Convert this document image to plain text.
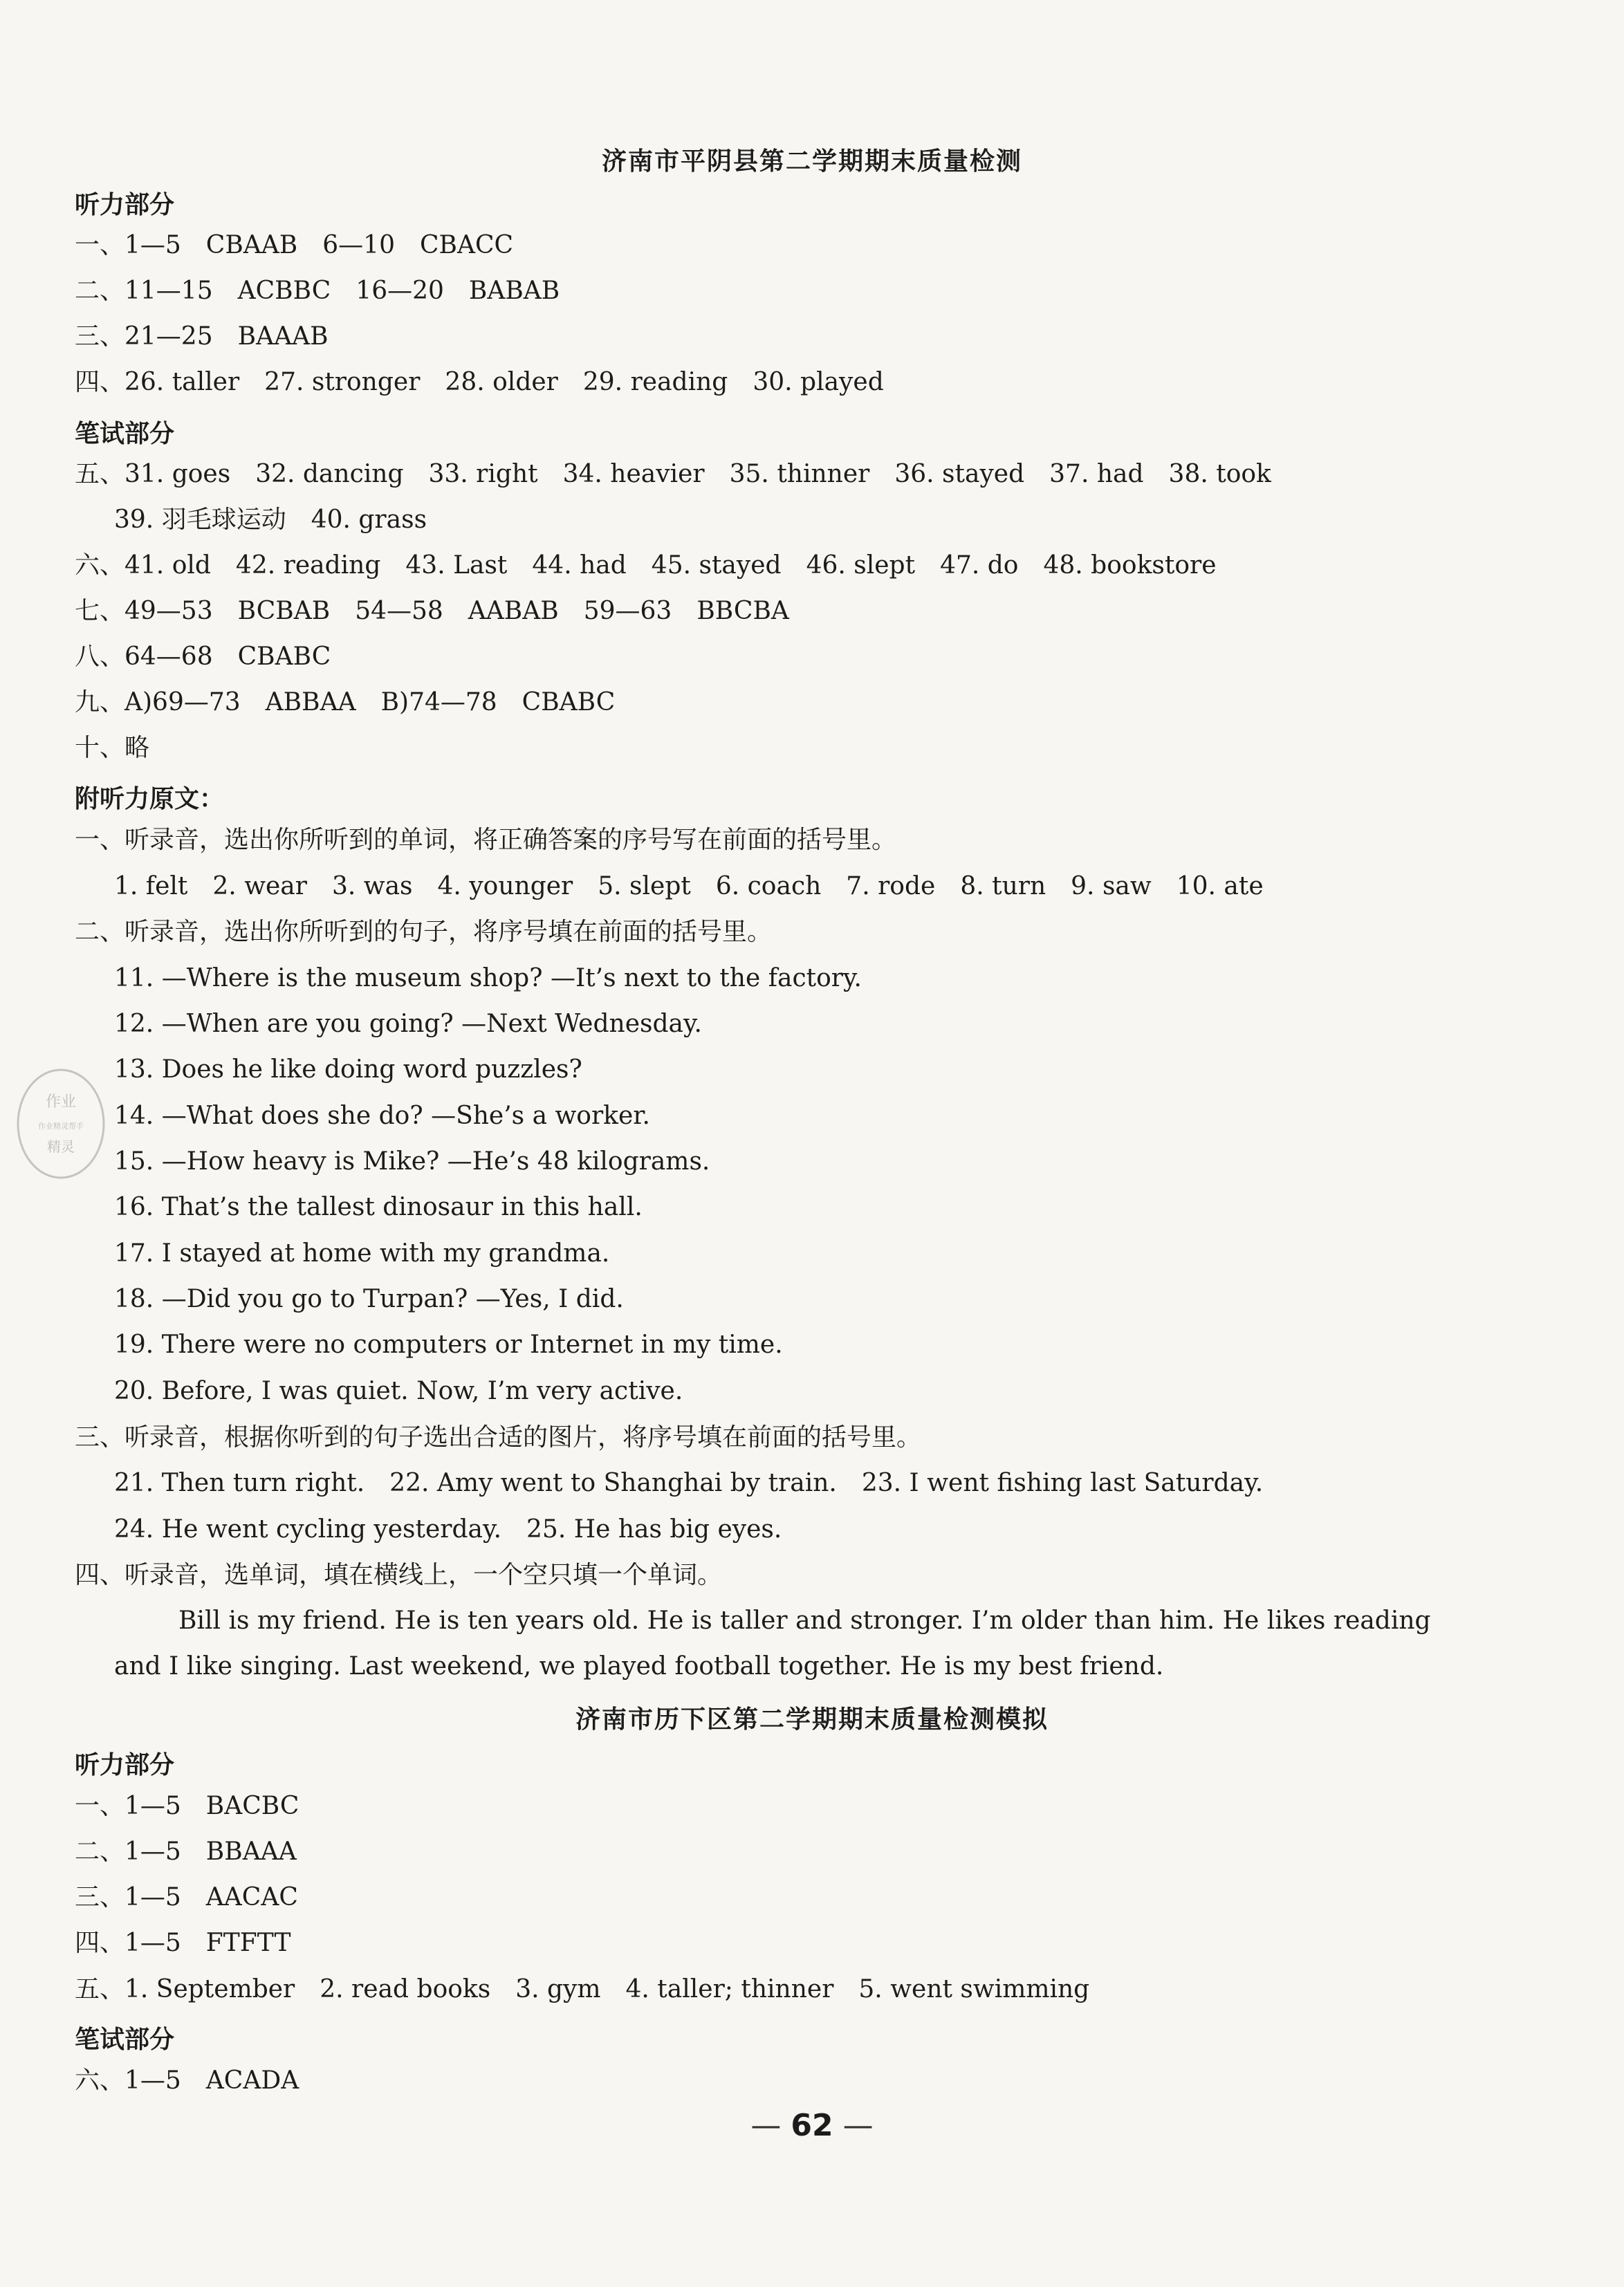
济南市平阴县第二学期期末质量检测
听力部分
一、1—5　CBAAB　6—10　CBACC
二、11—15　ACBBC　16—20　BABAB
三、21—25　BAAAB
四、26. taller　27. stronger　28. older　29. reading　30. played
笔试部分
五、31. goes　32. dancing　33. right　34. heavier　35. thinner　36. stayed　37. had　38. took
39. 羽毛球运动　40. grass
六、41. old　42. reading　43. Last　44. had　45. stayed　46. slept　47. do　48. bookstore
七、49—53　BCBAB　54—58　AABAB　59—63　BBCBA
八、64—68　CBABC
九、A)69—73　ABBAA　B)74—78　CBABC
十、略
附听力原文：
一、听录音，选出你所听到的单词，将正确答案的序号写在前面的括号里。
1. felt　2. wear　3. was　4. younger　5. slept　6. coach　7. rode　8. turn　9. saw　10. ate
二、听录音，选出你所听到的句子，将序号填在前面的括号里。
11. —Where is the museum shop? —It’s next to the factory.
12. —When are you going? —Next Wednesday.
13. Does he like doing word puzzles?
14. —What does she do? —She’s a worker.
15. —How heavy is Mike? —He’s 48 kilograms.
16. That’s the tallest dinosaur in this hall.
17. I stayed at home with my grandma.
18. —Did you go to Turpan? —Yes, I did.
19. There were no computers or Internet in my time.
20. Before, I was quiet. Now, I’m very active.
三、听录音，根据你听到的句子选出合适的图片，将序号填在前面的括号里。
21. Then turn right.　22. Amy went to Shanghai by train.　23. I went fishing last Saturday.
24. He went cycling yesterday.　25. He has big eyes.
四、听录音，选单词，填在横线上，一个空只填一个单词。
Bill is my friend. He is ten years old. He is taller and stronger. I’m older than him. He likes reading
and I like singing. Last weekend, we played football together. He is my best friend.
济南市历下区第二学期期末质量检测模拟
听力部分
一、1—5　BACBC
二、1—5　BBAAA
三、1—5　AACAC
四、1—5　FTFTT
五、1. September　2. read books　3. gym　4. taller; thinner　5. went swimming
笔试部分
六、1—5　ACADA
— 62 —
作业
作业精灵帮手
精灵
